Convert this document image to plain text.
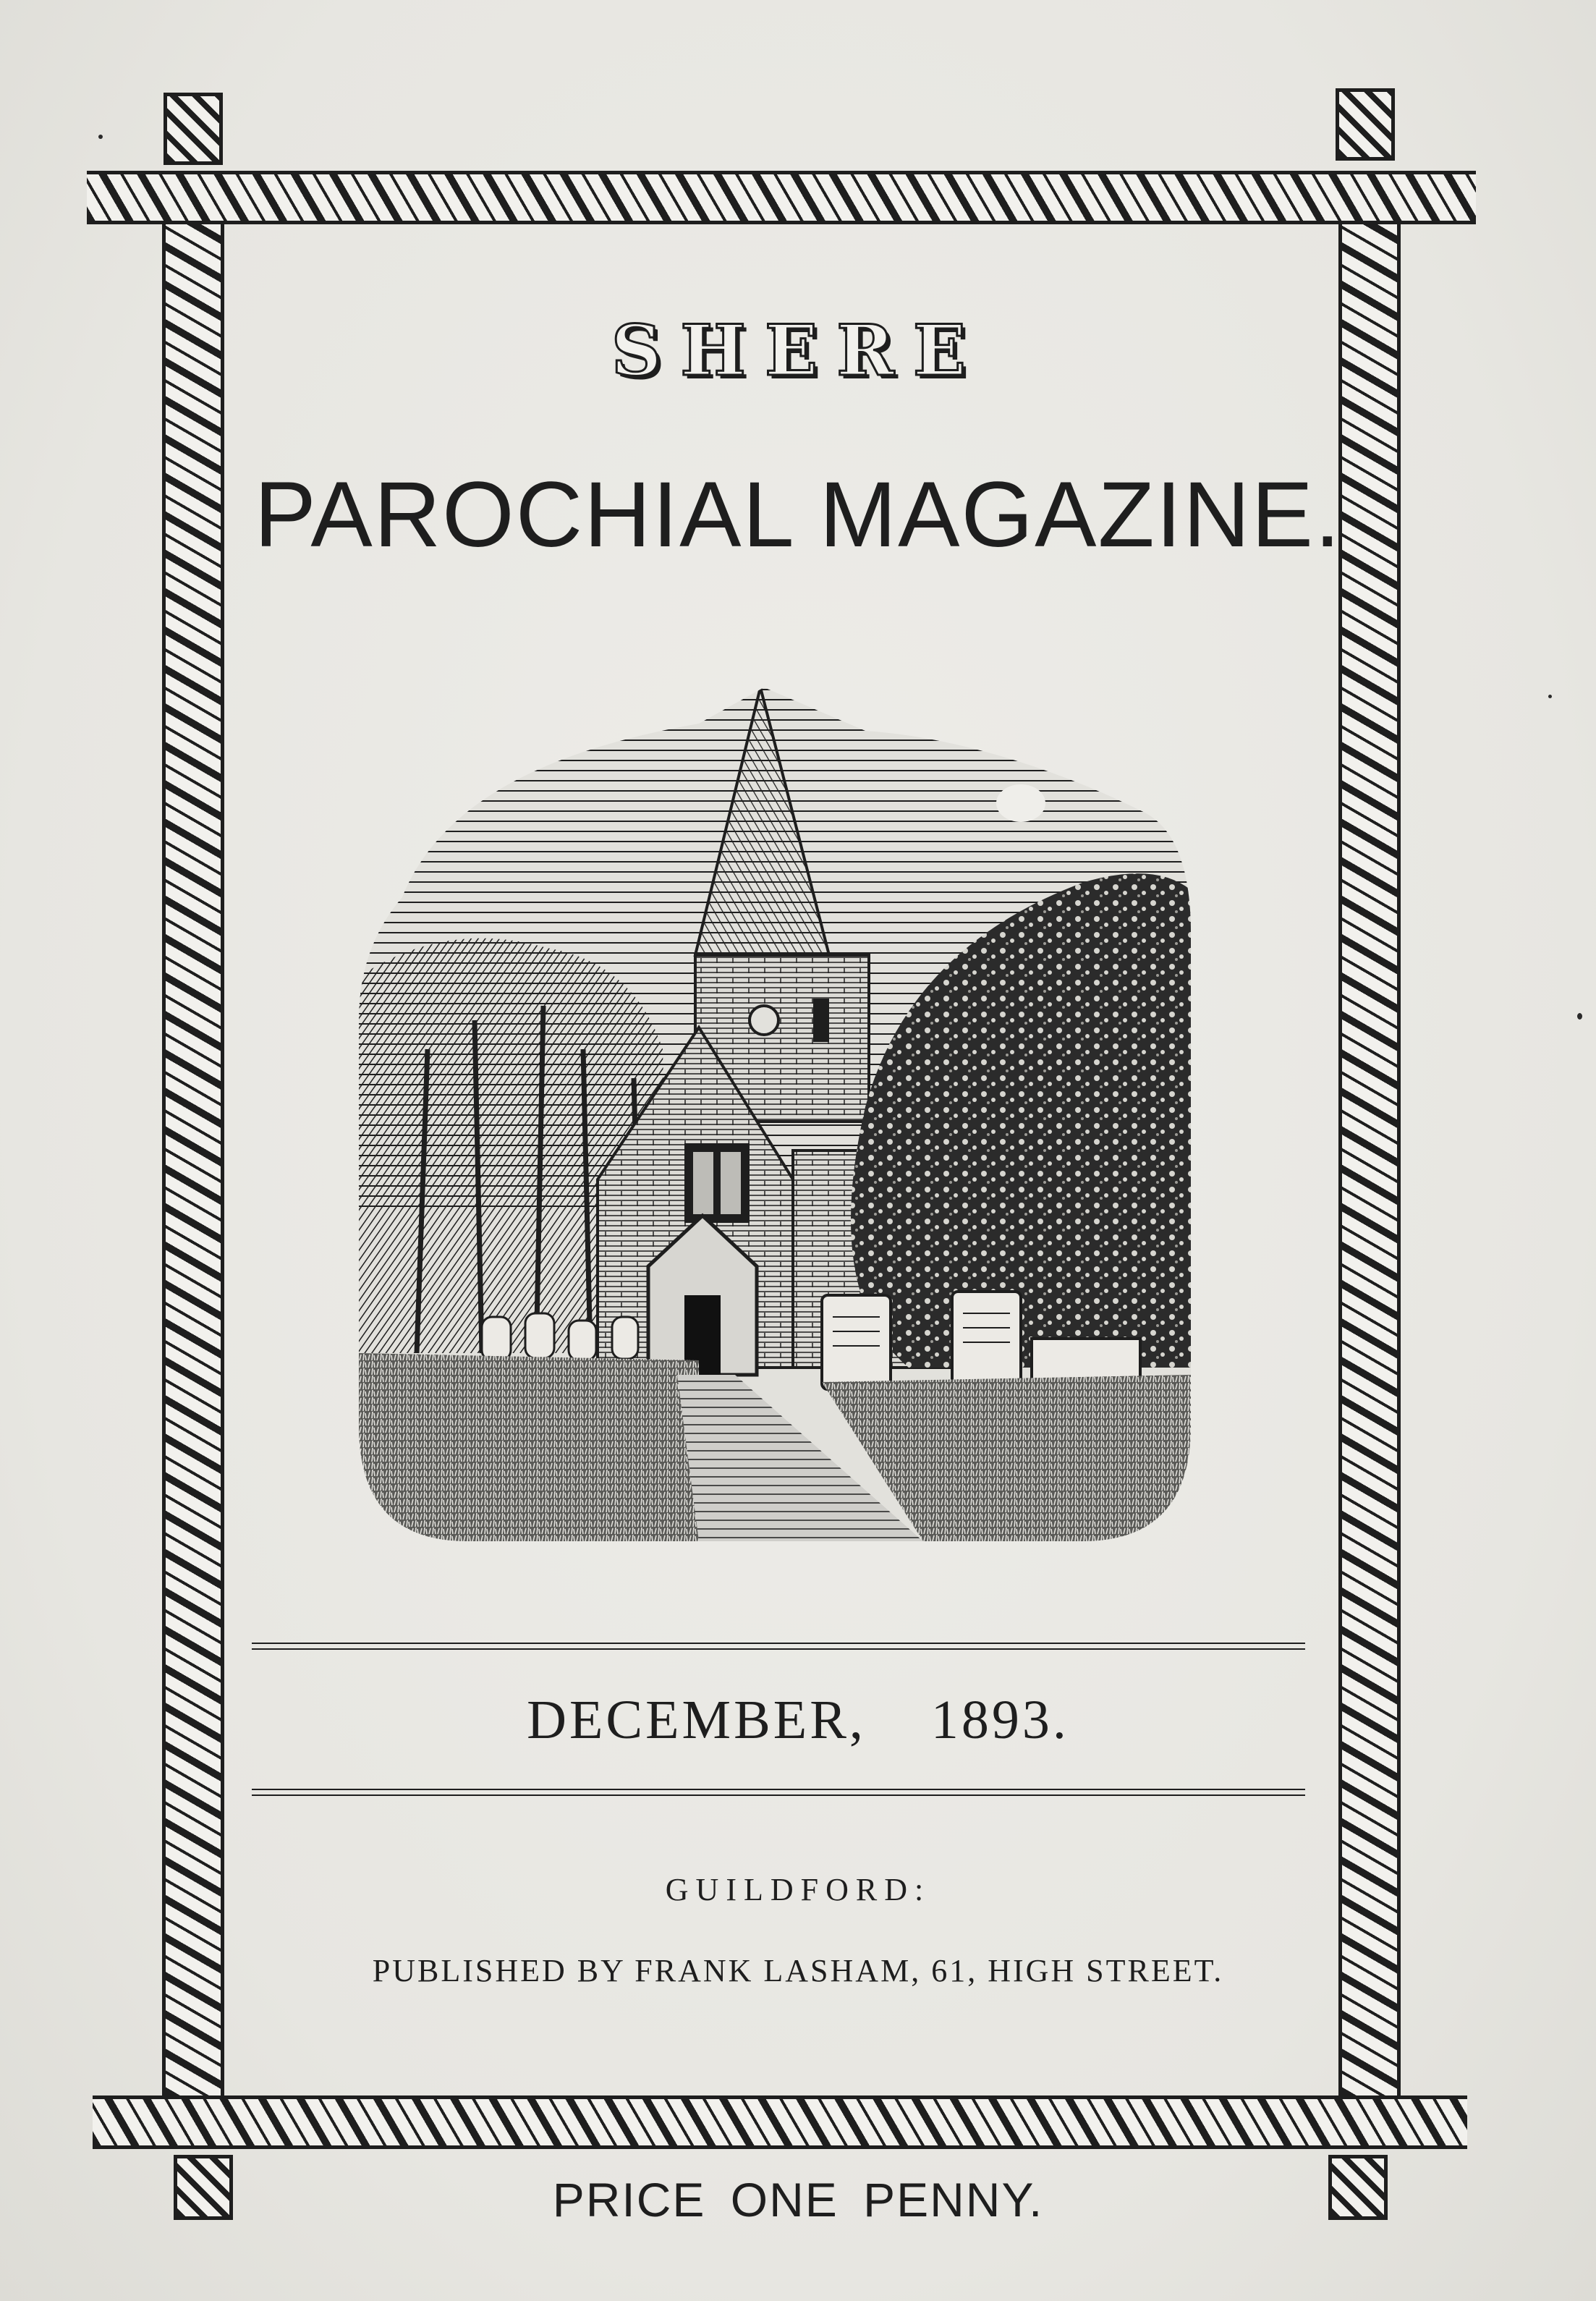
SHERE
PAROCHIAL MAGAZINE.
DECEMBER, 1893.
GUILDFORD:
PUBLISHED BY FRANK LASHAM, 61, HIGH STREET.
PRICE ONE PENNY.
